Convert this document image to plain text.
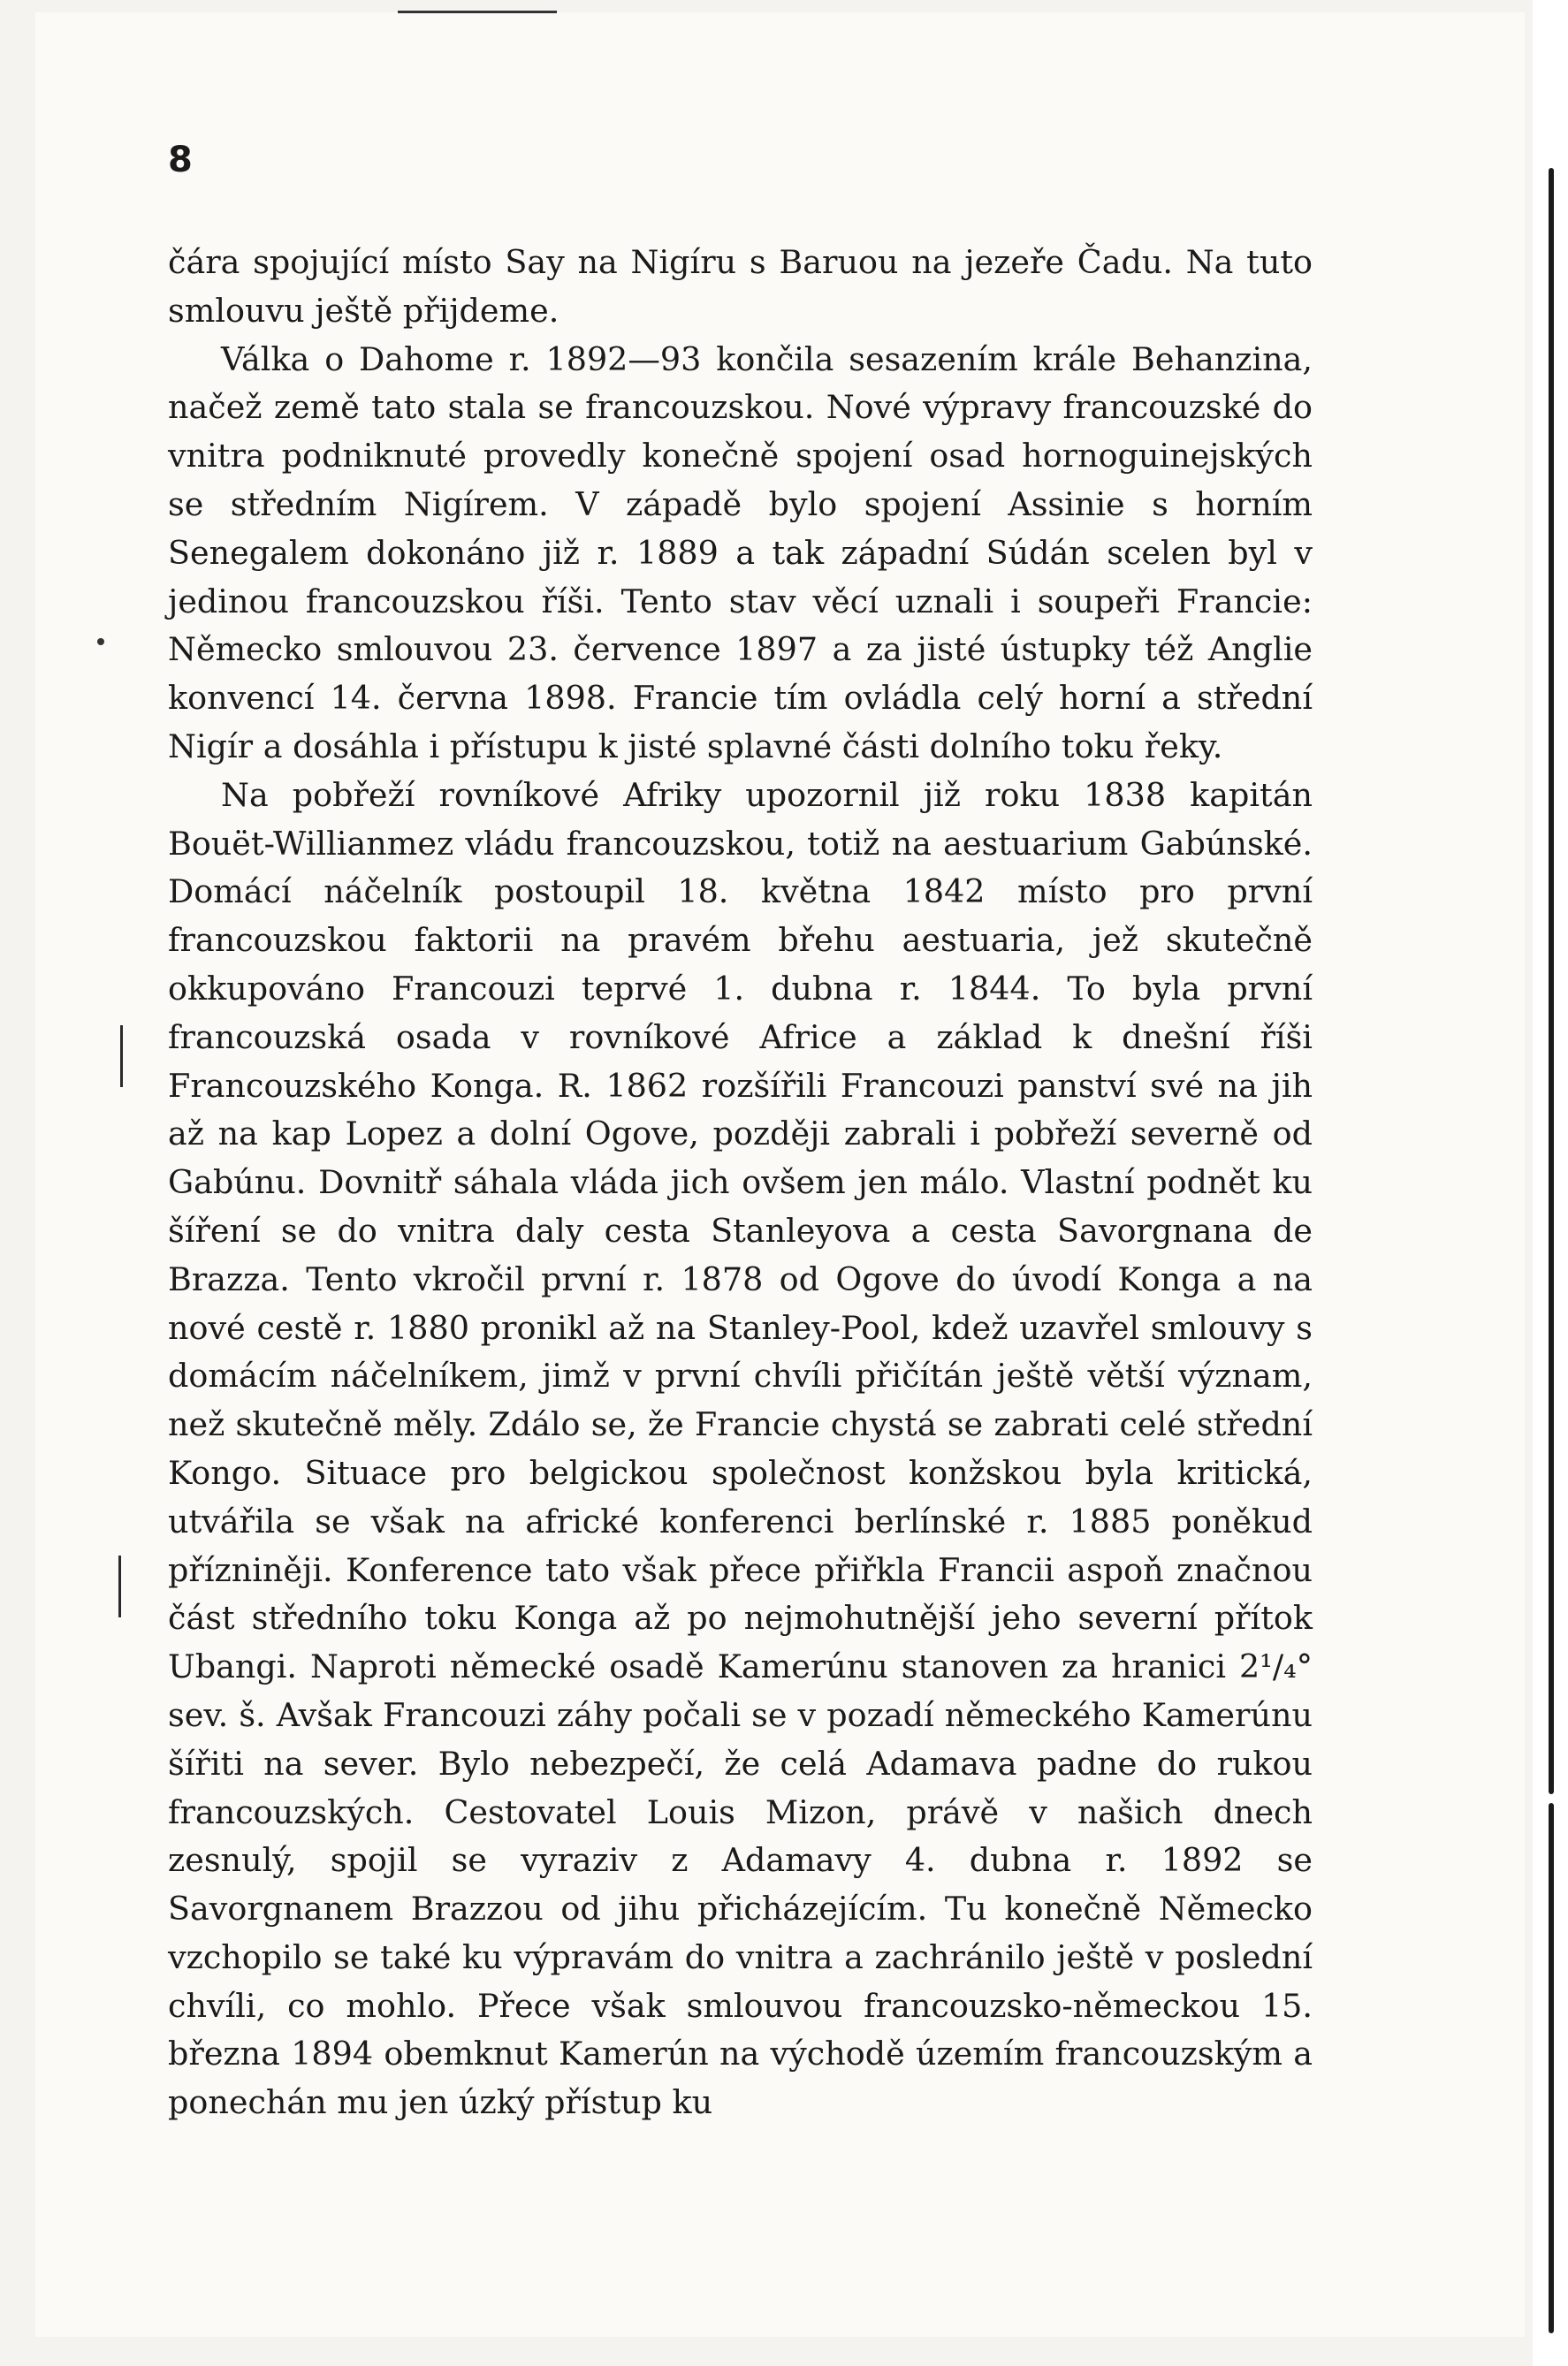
8

čára spojující místo Say na Nigíru s Baruou na jezeře Čadu. Na tuto smlouvu ještě přijdeme.

Válka o Dahome r. 1892—93 končila sesazením krále Behanzina, načež země tato stala se francouzskou. Nové výpravy francouzské do vnitra podniknuté provedly konečně spojení osad hornoguinejských se středním Nigírem. V západě bylo spojení Assinie s horním Senegalem dokonáno již r. 1889 a tak západní Súdán scelen byl v jedinou francouzskou říši. Tento stav věcí uznali i soupeři Francie: Německo smlouvou 23. července 1897 a za jisté ústupky též Anglie konvencí 14. června 1898. Francie tím ovládla celý horní a střední Nigír a dosáhla i přístupu k jisté splavné části dolního toku řeky.

Na pobřeží rovníkové Afriky upozornil již roku 1838 kapitán Bouët-Willianmez vládu francouzskou, totiž na aestuarium Gabúnské. Domácí náčelník postoupil 18. května 1842 místo pro první francouzskou faktorii na pravém břehu aestuaria, jež skutečně okkupováno Francouzi teprvé 1. dubna r. 1844. To byla první francouzská osada v rovníkové Africe a základ k dnešní říši Francouzského Konga. R. 1862 rozšířili Francouzi panství své na jih až na kap Lopez a dolní Ogove, později zabrali i pobřeží severně od Gabúnu. Dovnitř sáhala vláda jich ovšem jen málo. Vlastní podnět ku šíření se do vnitra daly cesta Stanleyova a cesta Savorgnana de Brazza. Tento vkročil první r. 1878 od Ogove do úvodí Konga a na nové cestě r. 1880 pronikl až na Stanley-Pool, kdež uzavřel smlouvy s domácím náčelníkem, jimž v první chvíli přičítán ještě větší význam, než skutečně měly. Zdálo se, že Francie chystá se zabrati celé střední Kongo. Situace pro belgickou společnost konžskou byla kritická, utvářila se však na africké konferenci berlínské r. 1885 poněkud přízniněji. Konference tato však přece přiřkla Francii aspoň značnou část středního toku Konga až po nejmohutnější jeho severní přítok Ubangi. Naproti německé osadě Kamerúnu stanoven za hranici 2¹/₄° sev. š. Avšak Francouzi záhy počali se v pozadí německého Kamerúnu šířiti na sever. Bylo nebezpečí, že celá Adamava padne do rukou francouzských. Cestovatel Louis Mizon, právě v našich dnech zesnulý, spojil se vyraziv z Adamavy 4. dubna r. 1892 se Savorgnanem Brazzou od jihu přicházejícím. Tu konečně Německo vzchopilo se také ku výpravám do vnitra a zachránilo ještě v poslední chvíli, co mohlo. Přece však smlouvou francouzsko-německou 15. března 1894 obemknut Kamerún na východě územím francouzským a ponechán mu jen úzký přístup ku
